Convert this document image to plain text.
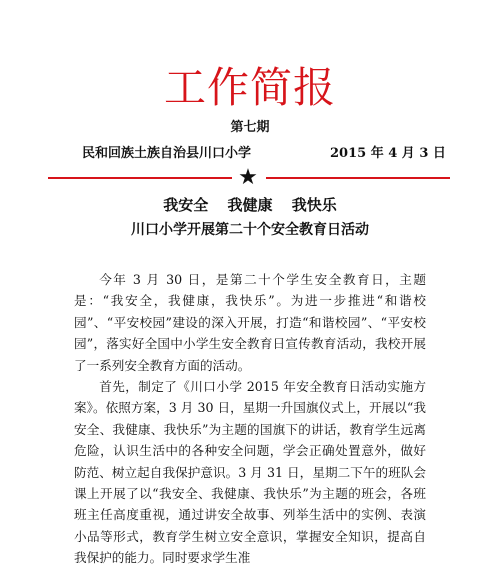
工作简报
第七期
民和回族土族自治县川口小学	2015 年 4 月 3 日
★
我安全 我健康 我快乐
川口小学开展第二十个安全教育日活动

今年 3 月 30 日，是第二十个学生安全教育日，主题是：“我安全，我健康，我快乐”。为进一步推进“和谐校园”、“平安校园”建设的深入开展，打造“和谐校园”、“平安校园”，落实好全国中小学生安全教育日宣传教育活动，我校开展了一系列安全教育方面的活动。

首先，制定了《川口小学 2015 年安全教育日活动实施方案》。依照方案，3 月 30 日，星期一升国旗仪式上，开展以“我安全、我健康、我快乐”为主题的国旗下的讲话，教育学生远离危险，认识生活中的各种安全问题，学会正确处置意外，做好防范、树立起自我保护意识。3 月 31 日，星期二下午的班队会课上开展了以“我安全、我健康、我快乐”为主题的班会，各班班主任高度重视，通过讲安全故事、列举生活中的实例、表演小品等形式，教育学生树立安全意识，掌握安全知识，提高自我保护的能力。同时要求学生准
